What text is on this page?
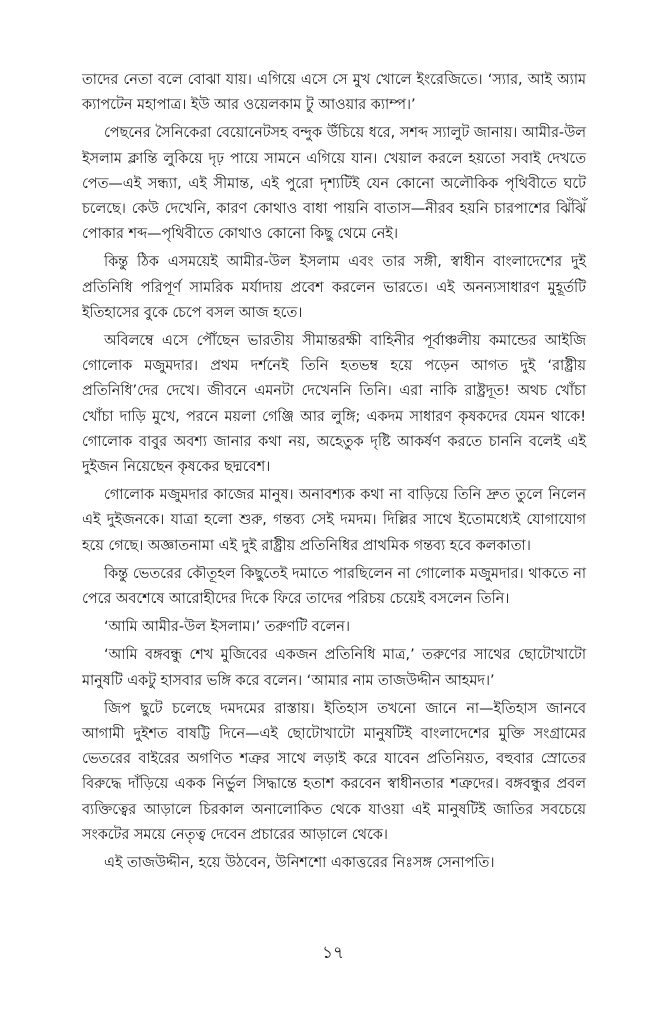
তাদের নেতা বলে বোঝা যায়। এগিয়ে এসে সে মুখ খোলে ইংরেজিতে। ‘স্যার, আই অ্যাম ক্যাপটেন মহাপাত্র। ইউ আর ওয়েলকাম টু আওয়ার ক্যাম্প।’

পেছনের সৈনিকেরা বেয়োনেটসহ বন্দুক উঁচিয়ে ধরে, সশব্দ স্যালুট জানায়। আমীর-উল ইসলাম ক্লান্তি লুকিয়ে দৃঢ় পায়ে সামনে এগিয়ে যান। খেয়াল করলে হয়তো সবাই দেখতে পেত—এই সন্ধ্যা, এই সীমান্ত, এই পুরো দৃশ্যটিই যেন কোনো অলৌকিক পৃথিবীতে ঘটে চলেছে। কেউ দেখেনি, কারণ কোথাও বাধা পায়নি বাতাস—নীরব হয়নি চারপাশের ঝিঁঝিঁ পোকার শব্দ—পৃথিবীতে কোথাও কোনো কিছু থেমে নেই।

কিন্তু ঠিক এসময়েই আমীর-উল ইসলাম এবং তার সঙ্গী, স্বাধীন বাংলাদেশের দুই প্রতিনিধি পরিপূর্ণ সামরিক মর্যাদায় প্রবেশ করলেন ভারতে। এই অনন্যসাধারণ মুহূর্তটি ইতিহাসের বুকে চেপে বসল আজ হতে।

অবিলম্বে এসে পৌঁছেন ভারতীয় সীমান্তরক্ষী বাহিনীর পূর্বাঞ্চলীয় কমান্ডের আইজি গোলোক মজুমদার। প্রথম দর্শনেই তিনি হতভম্ব হয়ে পড়েন আগত দুই ‘রাষ্ট্রীয় প্রতিনিধি’দের দেখে। জীবনে এমনটা দেখেননি তিনি। এরা নাকি রাষ্ট্রদূত! অথচ খোঁচা খোঁচা দাড়ি মুখে, পরনে ময়লা গেঞ্জি আর লুঙ্গি; একদম সাধারণ কৃষকদের যেমন থাকে! গোলোক বাবুর অবশ্য জানার কথা নয়, অহেতুক দৃষ্টি আকর্ষণ করতে চাননি বলেই এই দুইজন নিয়েছেন কৃষকের ছদ্মবেশ।

গোলোক মজুমদার কাজের মানুষ। অনাবশ্যক কথা না বাড়িয়ে তিনি দ্রুত তুলে নিলেন এই দুইজনকে। যাত্রা হলো শুরু, গন্তব্য সেই দমদম। দিল্লির সাথে ইতোমধ্যেই যোগাযোগ হয়ে গেছে। অজ্ঞাতনামা এই দুই রাষ্ট্রীয় প্রতিনিধির প্রাথমিক গন্তব্য হবে কলকাতা।

কিন্তু ভেতরের কৌতূহল কিছুতেই দমাতে পারছিলেন না গোলোক মজুমদার। থাকতে না পেরে অবশেষে আরোহীদের দিকে ফিরে তাদের পরিচয় চেয়েই বসলেন তিনি।

‘আমি আমীর-উল ইসলাম।’ তরুণটি বলেন।

‘আমি বঙ্গবন্ধু শেখ মুজিবের একজন প্রতিনিধি মাত্র,’ তরুণের সাথের ছোটোখাটো মানুষটি একটু হাসবার ভঙ্গি করে বলেন। ‘আমার নাম তাজউদ্দীন আহমদ।’

জিপ ছুটে চলেছে দমদমের রাস্তায়। ইতিহাস তখনো জানে না—ইতিহাস জানবে আগামী দুইশত বাষট্টি দিনে—এই ছোটোখাটো মানুষটিই বাংলাদেশের মুক্তি সংগ্রামের ভেতরের বাইরের অগণিত শত্রুর সাথে লড়াই করে যাবেন প্রতিনিয়ত, বহুবার স্রোতের বিরুদ্ধে দাঁড়িয়ে একক নির্ভুল সিদ্ধান্তে হতাশ করবেন স্বাধীনতার শত্রুদের। বঙ্গবন্ধুর প্রবল ব্যক্তিত্বের আড়ালে চিরকাল অনালোকিত থেকে যাওয়া এই মানুষটিই জাতির সবচেয়ে সংকটের সময়ে নেতৃত্ব দেবেন প্রচারের আড়ালে থেকে।

এই তাজউদ্দীন, হয়ে উঠবেন, উনিশশো একাত্তরের নিঃসঙ্গ সেনাপতি।

১৭
